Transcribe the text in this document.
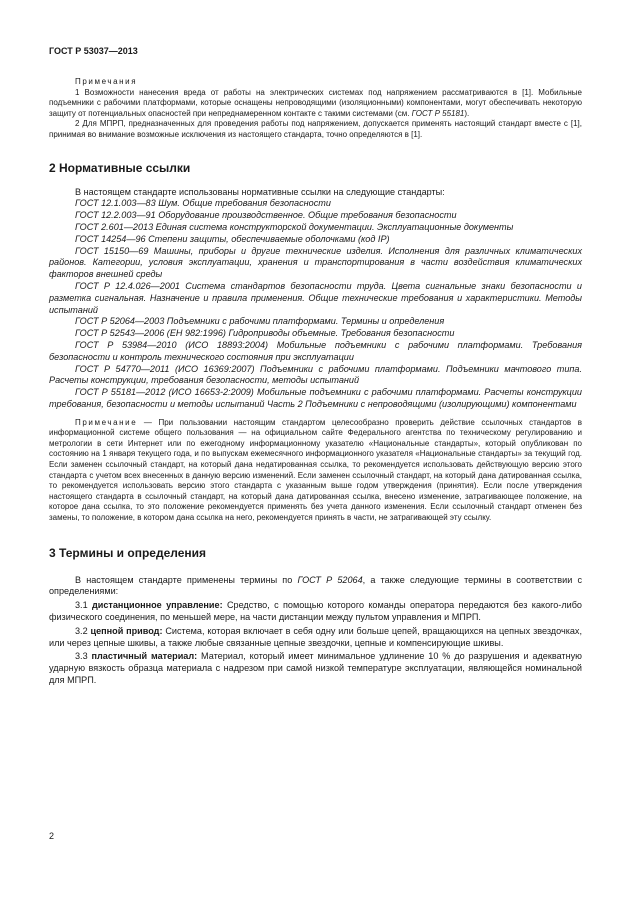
ГОСТ Р 53037—2013

Примечания

1 Возможности нанесения вреда от работы на электрических системах под напряжением рассматриваются в [1]. Мобильные подъемники с рабочими платформами, которые оснащены непроводящими (изоляционными) компонентами, могут обеспечивать некоторую защиту от потенциальных опасностей при непреднамеренном контакте с такими системами (см. ГОСТ Р 55181).

2 Для МПРП, предназначенных для проведения работы под напряжением, допускается применять настоящий стандарт вместе с [1], принимая во внимание возможные исключения из настоящего стандарта, точно определяются в [1].

2 Нормативные ссылки

В настоящем стандарте использованы нормативные ссылки на следующие стандарты:

ГОСТ 12.1.003—83 Шум. Общие требования безопасности

ГОСТ 12.2.003—91 Оборудование производственное. Общие требования безопасности

ГОСТ 2.601—2013 Единая система конструкторской документации. Эксплуатационные документы

ГОСТ 14254—96 Степени защиты, обеспечиваемые оболочками (код IP)

ГОСТ 15150—69 Машины, приборы и другие технические изделия. Исполнения для различных климатических районов. Категории, условия эксплуатации, хранения и транспортирования в части воздействия климатических факторов внешней среды

ГОСТ Р 12.4.026—2001 Система стандартов безопасности труда. Цвета сигнальные знаки безопасности и разметка сигнальная. Назначение и правила применения. Общие технические требования и характеристики. Методы испытаний

ГОСТ Р 52064—2003 Подъемники с рабочими платформами. Термины и определения

ГОСТ Р 52543—2006 (ЕН 982:1996) Гидроприводы объемные. Требования безопасности

ГОСТ Р 53984—2010 (ИСО 18893:2004) Мобильные подъемники с рабочими платформами. Требования безопасности и контроль технического состояния при эксплуатации

ГОСТ Р 54770—2011 (ИСО 16369:2007) Подъемники с рабочими платформами. Подъемники мачтового типа. Расчеты конструкции, требования безопасности, методы испытаний

ГОСТ Р 55181—2012 (ИСО 16653-2:2009) Мобильные подъемники с рабочими платформами. Расчеты конструкции требования, безопасности и методы испытаний Часть 2 Подъемники с непроводящими (изолирующими) компонентами

Примечание — При пользовании настоящим стандартом целесообразно проверить действие ссылочных стандартов в информационной системе общего пользования — на официальном сайте Федерального агентства по техническому регулированию и метрологии в сети Интернет или по ежегодному информационному указателю «Национальные стандарты», который опубликован по состоянию на 1 января текущего года, и по выпускам ежемесячного информационного указателя «Национальные стандарты» за текущий год. Если заменен ссылочный стандарт, на который дана недатированная ссылка, то рекомендуется использовать действующую версию этого стандарта с учетом всех внесенных в данную версию изменений. Если заменен ссылочный стандарт, на который дана датированная ссылка, то рекомендуется использовать версию этого стандарта с указанным выше годом утверждения (принятия). Если после утверждения настоящего стандарта в ссылочный стандарт, на который дана датированная ссылка, внесено изменение, затрагивающее положение, на которое дана ссылка, то это положение рекомендуется применять без учета данного изменения. Если ссылочный стандарт отменен без замены, то положение, в котором дана ссылка на него, рекомендуется принять в части, не затрагивающей эту ссылку.
3 Термины и определения

В настоящем стандарте применены термины по ГОСТ Р 52064, а также следующие термины в соответствии с определениями:

3.1 дистанционное управление: Средство, с помощью которого команды оператора передаются без какого-либо физического соединения, по меньшей мере, на части дистанции между пультом управления и МПРП.

3.2 цепной привод: Система, которая включает в себя одну или больше цепей, вращающихся на цепных звездочках, или через цепные шкивы, а также любые связанные цепные звездочки, цепные и компенсирующие шкивы.

3.3 пластичный материал: Материал, который имеет минимальное удлинение 10 % до разрушения и адекватную ударную вязкость образца материала с надрезом при самой низкой температуре эксплуатации, являющейся номинальной для МПРП.

2
